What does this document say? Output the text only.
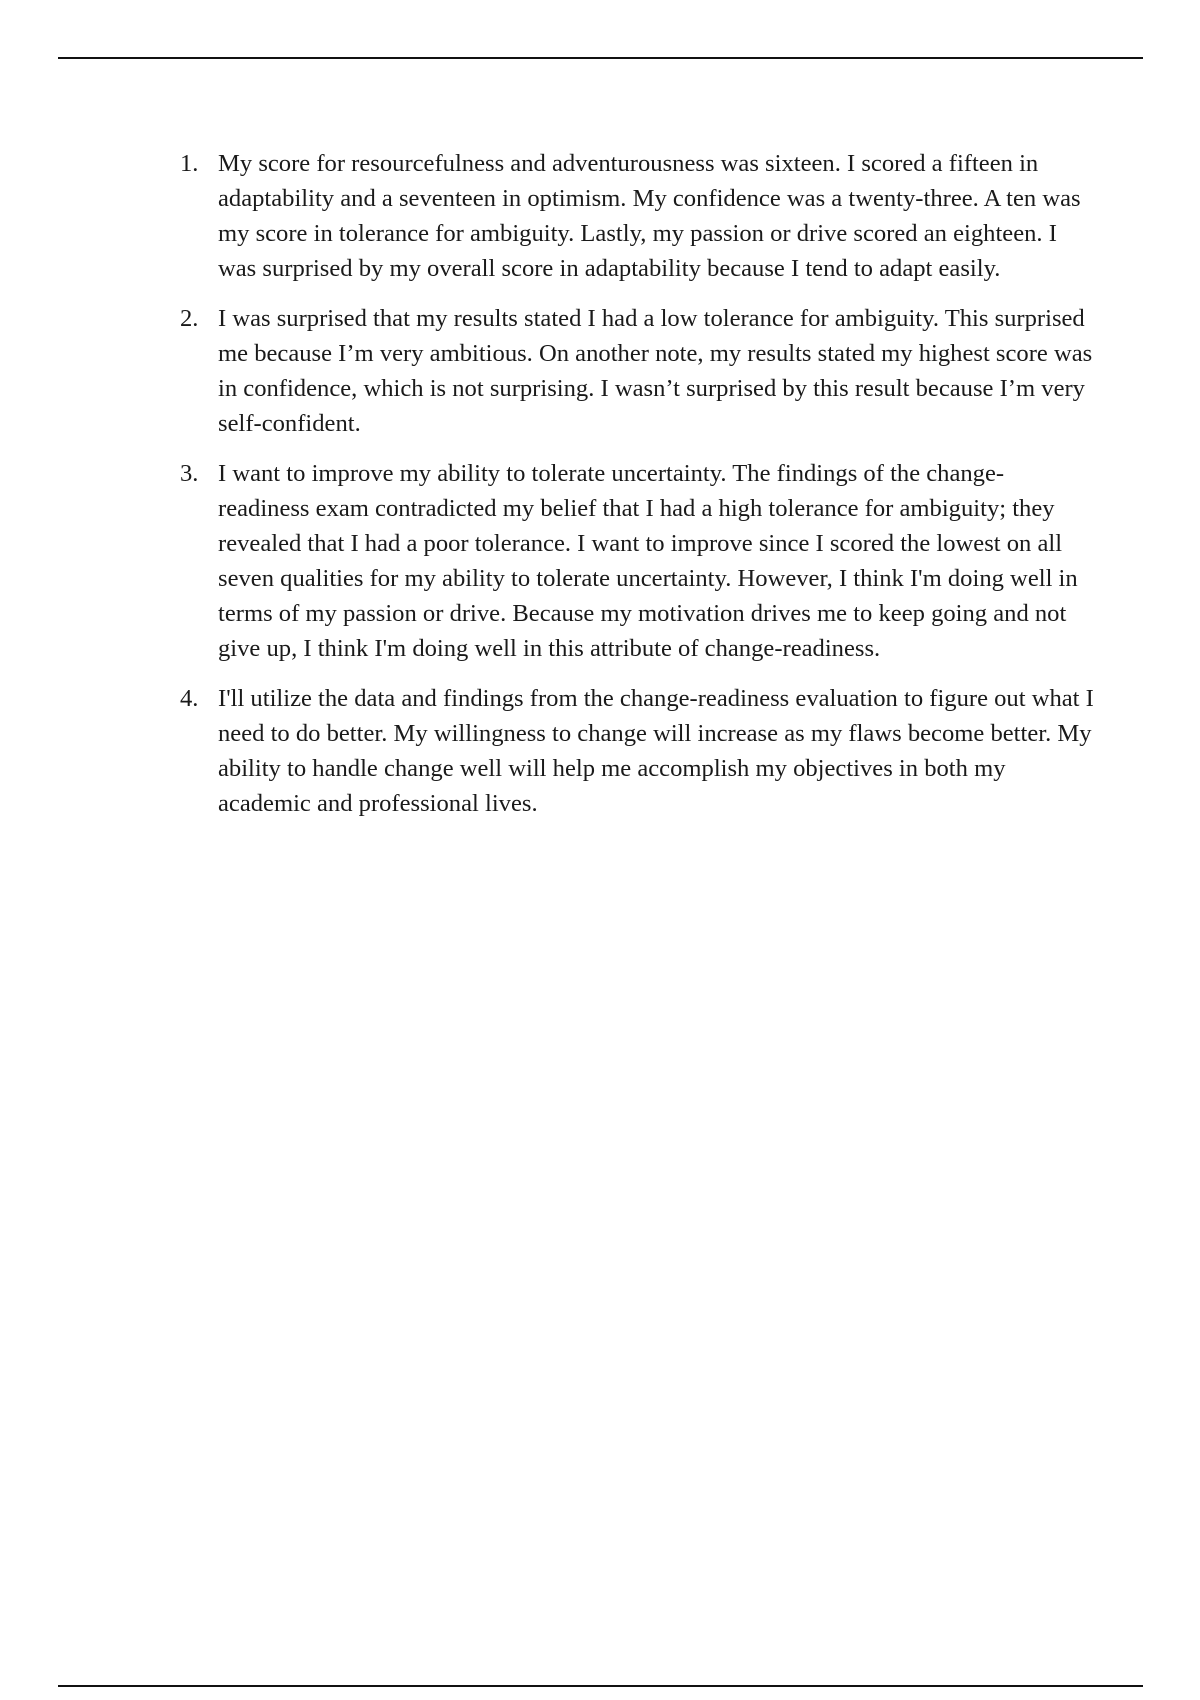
1. My score for resourcefulness and adventurousness was sixteen. I scored a fifteen in adaptability and a seventeen in optimism. My confidence was a twenty-three. A ten was my score in tolerance for ambiguity. Lastly, my passion or drive scored an eighteen. I was surprised by my overall score in adaptability because I tend to adapt easily.
2. I was surprised that my results stated I had a low tolerance for ambiguity. This surprised me because I’m very ambitious. On another note, my results stated my highest score was in confidence, which is not surprising. I wasn’t surprised by this result because I’m very self-confident.
3. I want to improve my ability to tolerate uncertainty. The findings of the change-readiness exam contradicted my belief that I had a high tolerance for ambiguity; they revealed that I had a poor tolerance. I want to improve since I scored the lowest on all seven qualities for my ability to tolerate uncertainty. However, I think I'm doing well in terms of my passion or drive. Because my motivation drives me to keep going and not give up, I think I'm doing well in this attribute of change-readiness.
4. I'll utilize the data and findings from the change-readiness evaluation to figure out what I need to do better. My willingness to change will increase as my flaws become better. My ability to handle change well will help me accomplish my objectives in both my academic and professional lives.
